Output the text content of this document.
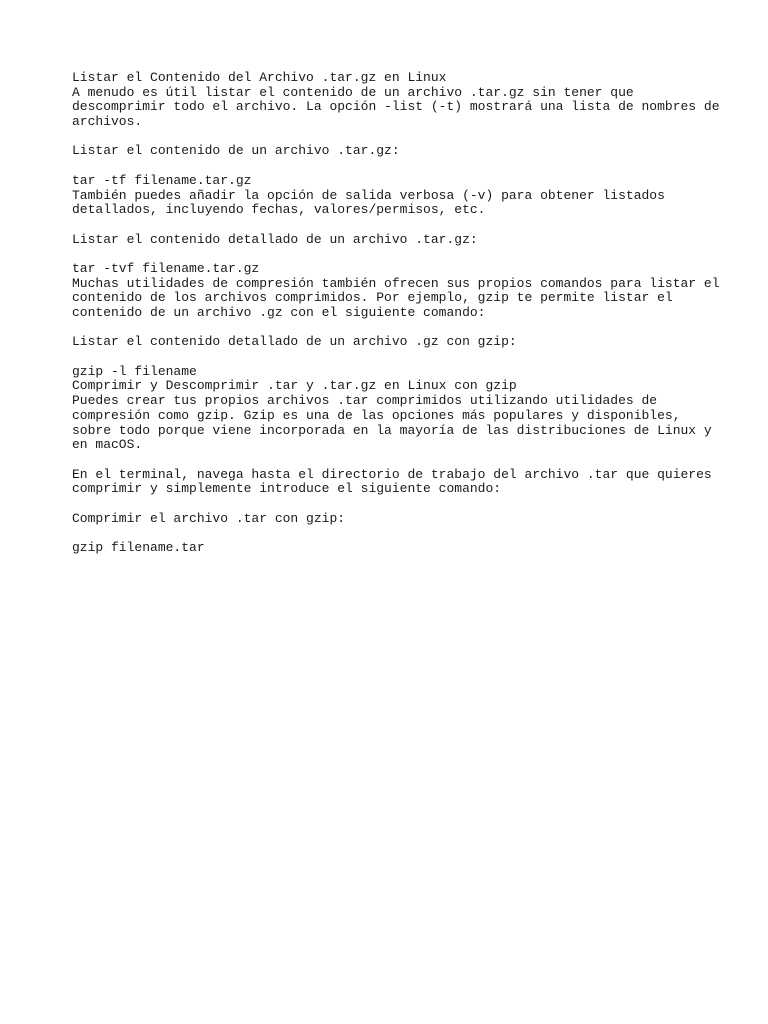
Listar el Contenido del Archivo .tar.gz en Linux
A menudo es útil listar el contenido de un archivo .tar.gz sin tener que
descomprimir todo el archivo. La opción -list (-t) mostrará una lista de nombres de
archivos.
Listar el contenido de un archivo .tar.gz:
tar -tf filename.tar.gz
También puedes añadir la opción de salida verbosa (-v) para obtener listados
detallados, incluyendo fechas, valores/permisos, etc.
Listar el contenido detallado de un archivo .tar.gz:
tar -tvf filename.tar.gz
Muchas utilidades de compresión también ofrecen sus propios comandos para listar el
contenido de los archivos comprimidos. Por ejemplo, gzip te permite listar el
contenido de un archivo .gz con el siguiente comando:
Listar el contenido detallado de un archivo .gz con gzip:
gzip -l filename
Comprimir y Descomprimir .tar y .tar.gz en Linux con gzip
Puedes crear tus propios archivos .tar comprimidos utilizando utilidades de
compresión como gzip. Gzip es una de las opciones más populares y disponibles,
sobre todo porque viene incorporada en la mayoría de las distribuciones de Linux y
en macOS.
En el terminal, navega hasta el directorio de trabajo del archivo .tar que quieres
comprimir y simplemente introduce el siguiente comando:
Comprimir el archivo .tar con gzip:
gzip filename.tar
